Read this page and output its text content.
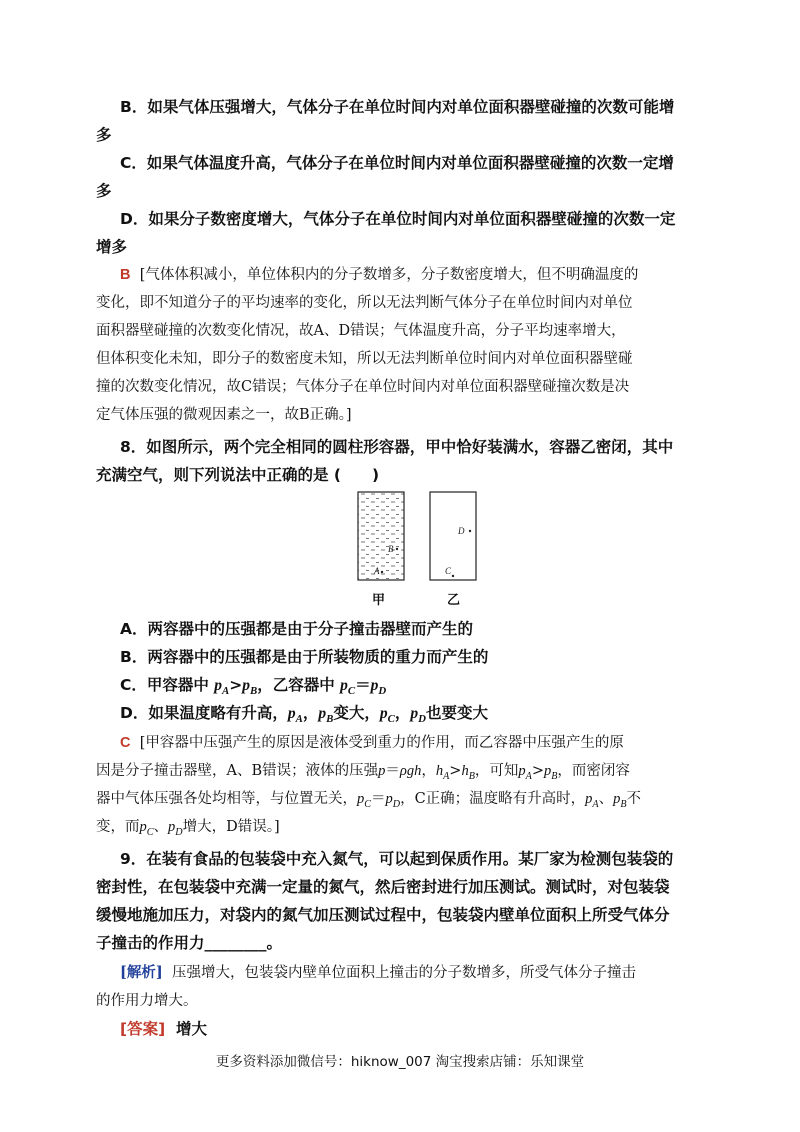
B．如果气体压强增大，气体分子在单位时间内对单位面积器壁碰撞的次数可能增
多
C．如果气体温度升高，气体分子在单位时间内对单位面积器壁碰撞的次数一定增
多
D．如果分子数密度增大，气体分子在单位时间内对单位面积器壁碰撞的次数一定
增多
B [气体体积减小，单位体积内的分子数增多，分子数密度增大，但不明确温度的
变化，即不知道分子的平均速率的变化，所以无法判断气体分子在单位时间内对单位
面积器壁碰撞的次数变化情况，故A、D错误；气体温度升高，分子平均速率增大，
但体积变化未知，即分子的数密度未知，所以无法判断单位时间内对单位面积器壁碰
撞的次数变化情况，故C错误；气体分子在单位时间内对单位面积器壁碰撞次数是决
定气体压强的微观因素之一，故B正确。]
8．如图所示，两个完全相同的圆柱形容器，甲中恰好装满水，容器乙密闭，其中
充满空气，则下列说法中正确的是 (　　)
B
A
D
C
甲	乙
A．两容器中的压强都是由于分子撞击器壁而产生的
B．两容器中的压强都是由于所装物质的重力而产生的
C．甲容器中 $p_A>p_B$，乙容器中 $p_C=p_D$
D．如果温度略有升高，$p_A$，$p_B$变大，$p_C$，$p_D$也要变大
C [甲容器中压强产生的原因是液体受到重力的作用，而乙容器中压强产生的原
因是分子撞击器壁，A、B错误；液体的压强p＝ρgh，$h_A>h_B$，可知$p_A>p_B$，而密闭容
器中气体压强各处均相等，与位置无关，$p_C=p_D$，C正确；温度略有升高时，$p_A$、$p_B$不
变，而$p_C$、$p_D$增大，D错误。]
9．在装有食品的包装袋中充入氮气，可以起到保质作用。某厂家为检测包装袋的
密封性，在包装袋中充满一定量的氮气，然后密封进行加压测试。测试时，对包装袋
缓慢地施加压力，对袋内的氮气加压测试过程中，包装袋内壁单位面积上所受气体分
子撞击的作用力________。
[解析] 压强增大，包装袋内壁单位面积上撞击的分子数增多，所受气体分子撞击
的作用力增大。
[答案] 增大
更多资料添加微信号：hiknow_007 淘宝搜索店铺：乐知课堂
